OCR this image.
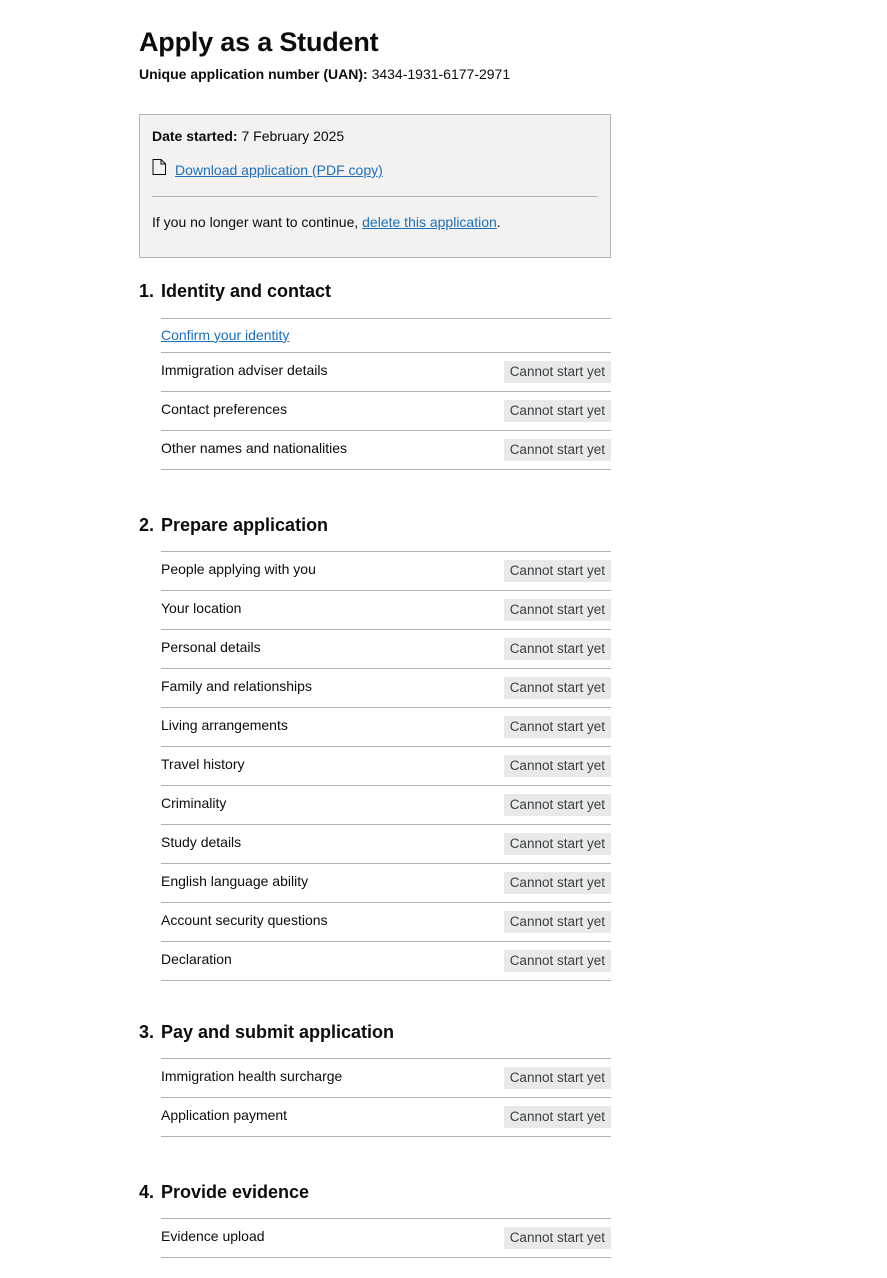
Apply as a Student
Unique application number (UAN): 3434-1931-6177-2971
Date started: 7 February 2025
Download application (PDF copy)
If you no longer want to continue, delete this application.
1. Identity and contact
Confirm your identity
Immigration adviser details	Cannot start yet
Contact preferences	Cannot start yet
Other names and nationalities	Cannot start yet
2. Prepare application
People applying with you	Cannot start yet
Your location	Cannot start yet
Personal details	Cannot start yet
Family and relationships	Cannot start yet
Living arrangements	Cannot start yet
Travel history	Cannot start yet
Criminality	Cannot start yet
Study details	Cannot start yet
English language ability	Cannot start yet
Account security questions	Cannot start yet
Declaration	Cannot start yet
3. Pay and submit application
Immigration health surcharge	Cannot start yet
Application payment	Cannot start yet
4. Provide evidence
Evidence upload	Cannot start yet
